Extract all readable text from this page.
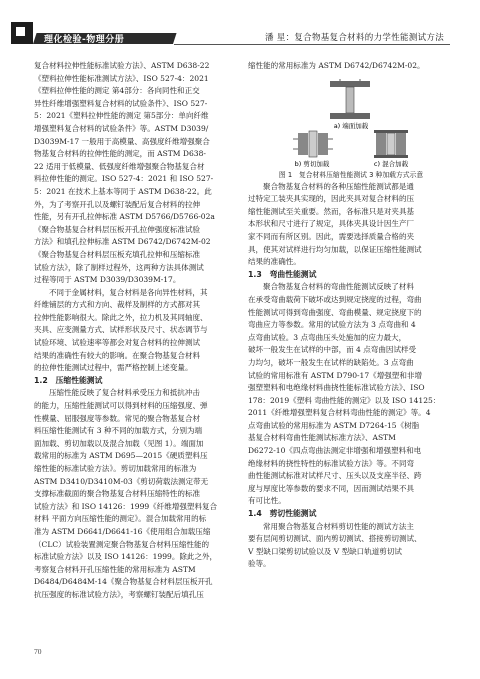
理化检验-物理分册	潘 星：复合物基复合材料的力学性能测试方法
复合材料拉伸性能标准试验方法》、ASTM D638-22
《塑料拉伸性能标准测试方法》、ISO 527-4：2021
《塑料拉伸性能的测定 第4部分：各向同性和正交
异性纤维增强塑料复合材料的试验条件》、ISO 527-
5：2021《塑料拉伸性能的测定 第5部分：单向纤维
增强塑料复合材料的试验条件》等。ASTM D3039/
D3039M-17 一般用于高模量、高强度纤维增强聚合
物基复合材料的拉伸性能的测定，而 ASTM D638-
22 适用于低模量、低强度纤维增强聚合物基复合材
料拉伸性能的测定。ISO 527-4：2021 和 ISO 527-
5：2021 在技术上基本等同于 ASTM D638-22。此
外，为了考察开孔以及螺钉装配后复合材料的拉伸
性能，另有开孔拉伸标准 ASTM D5766/D5766-02a
《聚合物基复合材料层压板开孔拉伸强度标准试验
方法》和填孔拉伸标准 ASTM D6742/D6742M-02
《聚合物基复合材料层压板充填孔拉伸和压缩标准
试验方法》，除了制样过程外，这两种方法具体测试
过程等同于 ASTM D3039/D3039M-17。
不同于金属材料，复合材料是各向异性材料，其
纤维铺层的方式和方向、裁样及制样的方式都对其
拉伸性能影响很大。除此之外，拉力机及其同轴度、
夹具、应变测量方式、试样形状及尺寸、状态调节与
试验环境、试验速率等都会对复合材料的拉伸测试
结果的准确性有较大的影响。在聚合物基复合材料
的拉伸性能测试过程中，需严格控制上述变量。
1.2　压缩性能测试
压缩性能反映了复合材料承受压力和抵抗冲击
的能力，压缩性能测试可以得到材料的压缩强度、弹
性模量、屈服强度等参数。常见的聚合物基复合材
料压缩性能测试有 3 种不同的加载方式，分别为端
面加载、剪切加载以及混合加载（见图 1）。端面加
载常用的标准为 ASTM D695—2015《硬质塑料压
缩性能的标准试验方法》。剪切加载常用的标准为
ASTM D3410/D3410M-03《剪切荷载法测定带无
支撑标准截面的聚合物基复合材料压缩特性的标准
试验方法》和 ISO 14126：1999《纤维增强塑料复合
材料 平面方向压缩性能的测定》。混合加载常用的标
准为 ASTM D6641/D6641-16《使用组合加载压缩
（CLC）试验装置测定聚合物基复合材料压缩性能的
标准试验方法》以及 ISO 14126：1999。除此之外，
考察复合材料开孔压缩性能的常用标准为 ASTM
D6484/D6484M-14《聚合物基复合材料层压板开孔
抗压强度的标准试验方法》，考察螺钉装配后填孔压
缩性能的常用标准为 ASTM D6742/D6742M-02。
a) 端面加载
b) 剪切加载	c) 混合加载
图 1　复合材料压缩性能测试 3 种加载方式示意
聚合物基复合材料的各种压缩性能测试都是通
过特定工装夹具实现的，因此夹具对复合材料的压
缩性能测试至关重要。然而，各标准只是对夹具基
本形状和尺寸进行了规定，具体夹具设计因生产厂
家不同而有所区别。因此，需要选择质量合格的夹
具，使其对试样进行均匀加载，以保证压缩性能测试
结果的准确性。
1.3　弯曲性能测试
聚合物基复合材料的弯曲性能测试反映了材料
在承受弯曲载荷下破坏或达到规定挠度的过程，弯曲
性能测试可得到弯曲强度、弯曲模量、规定挠度下的
弯曲应力等参数。常用的试验方法为 3 点弯曲和 4
点弯曲试验。3 点弯曲压头处施加的应力最大，
破坏一般发生在试样的中部，而 4 点弯曲因试样受
力均匀，破坏一般发生在试样的缺陷处。3 点弯曲
试验的常用标准有 ASTM D790-17《增强塑和非增
强塑塑料和电绝缘材料曲挠性能标准试验方法》、ISO
178：2019《塑料 弯曲性能的测定》以及 ISO 14125：
2011《纤维增强塑料复合材料弯曲性能的测定》等。4
点弯曲试验的常用标准为 ASTM D7264-15《树脂
基复合材料弯曲性能测试标准方法》、ASTM
D6272-10《四点弯曲法测定非增强和增强塑料和电
绝缘材料的挠性特性的标准试验方法》等。不同弯
曲性能测试标准对试样尺寸、压头以及支座半径、跨
度与厚度比等参数的要求不同，因而测试结果不具
有可比性。
1.4　剪切性能测试
常用聚合物基复合材料剪切性能的测试方法主
要有层间剪切测试、面内剪切测试、搭接剪切测试、
V 型缺口梁剪切试验以及 V 型缺口轨道剪切试
验等。
70
